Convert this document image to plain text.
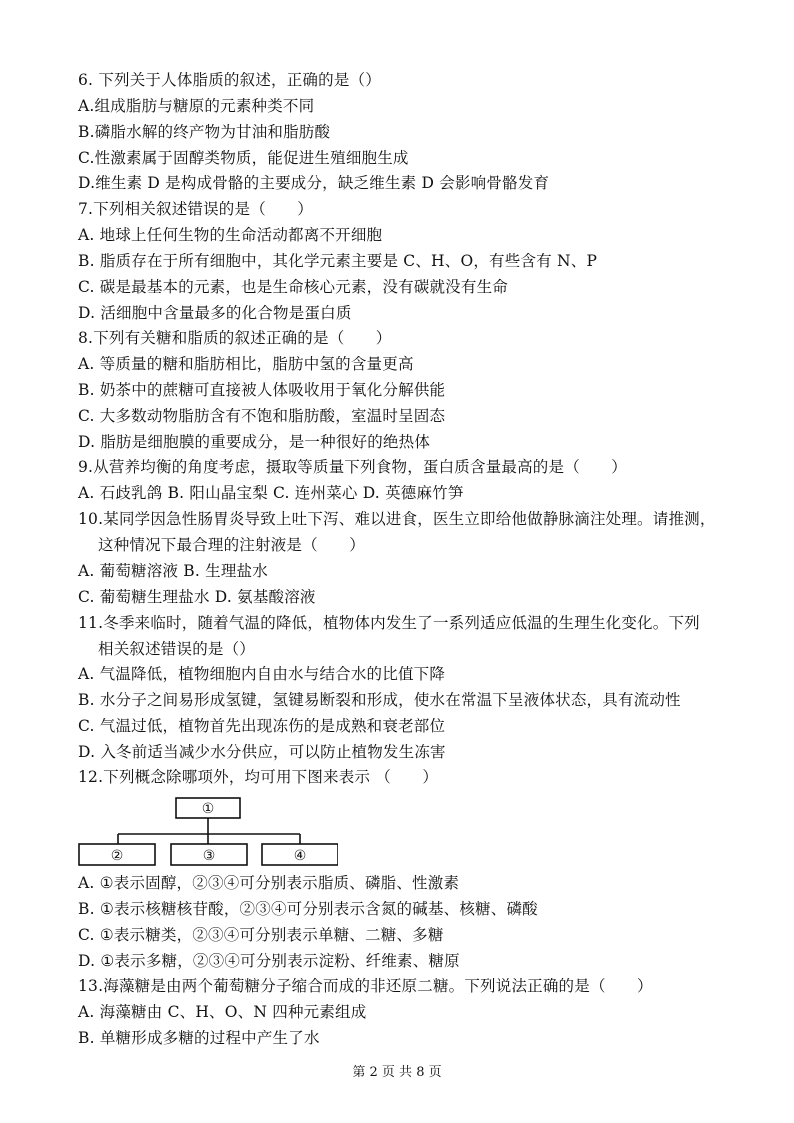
6. 下列关于人体脂质的叙述，正确的是（）
A.组成脂肪与糖原的元素种类不同
B.磷脂水解的终产物为甘油和脂肪酸
C.性激素属于固醇类物质，能促进生殖细胞生成
D.维生素 D 是构成骨骼的主要成分，缺乏维生素 D 会影响骨骼发育
7.下列相关叙述错误的是（　　）
A. 地球上任何生物的生命活动都离不开细胞
B. 脂质存在于所有细胞中，其化学元素主要是 C、H、O，有些含有 N、P
C. 碳是最基本的元素，也是生命核心元素，没有碳就没有生命
D. 活细胞中含量最多的化合物是蛋白质
8.下列有关糖和脂质的叙述正确的是（　　）
A. 等质量的糖和脂肪相比，脂肪中氢的含量更高
B. 奶茶中的蔗糖可直接被人体吸收用于氧化分解供能
C. 大多数动物脂肪含有不饱和脂肪酸，室温时呈固态
D. 脂肪是细胞膜的重要成分，是一种很好的绝热体
9.从营养均衡的角度考虑，摄取等质量下列食物，蛋白质含量最高的是（　　）
A. 石歧乳鸽 B. 阳山晶宝梨 C. 连州菜心 D. 英德麻竹笋
10.某同学因急性肠胃炎导致上吐下泻、难以进食，医生立即给他做静脉滴注处理。请推测，
这种情况下最合理的注射液是（　　）
A. 葡萄糖溶液 B. 生理盐水
C. 葡萄糖生理盐水 D. 氨基酸溶液
11.冬季来临时，随着气温的降低，植物体内发生了一系列适应低温的生理生化变化。下列
相关叙述错误的是（）
A. 气温降低，植物细胞内自由水与结合水的比值下降
B. 水分子之间易形成氢键，氢键易断裂和形成，使水在常温下呈液体状态，具有流动性
C. 气温过低，植物首先出现冻伤的是成熟和衰老部位
D. 入冬前适当减少水分供应，可以防止植物发生冻害
12.下列概念除哪项外，均可用下图来表示 （　　）
①
②	③	④
A. ①表示固醇，②③④可分别表示脂质、磷脂、性激素
B. ①表示核糖核苷酸，②③④可分别表示含氮的碱基、核糖、磷酸
C. ①表示糖类，②③④可分别表示单糖、二糖、多糖
D. ①表示多糖，②③④可分别表示淀粉、纤维素、糖原
13.海藻糖是由两个葡萄糖分子缩合而成的非还原二糖。下列说法正确的是（　　）
A. 海藻糖由 C、H、O、N 四种元素组成
B. 单糖形成多糖的过程中产生了水
第 2 页 共 8 页
